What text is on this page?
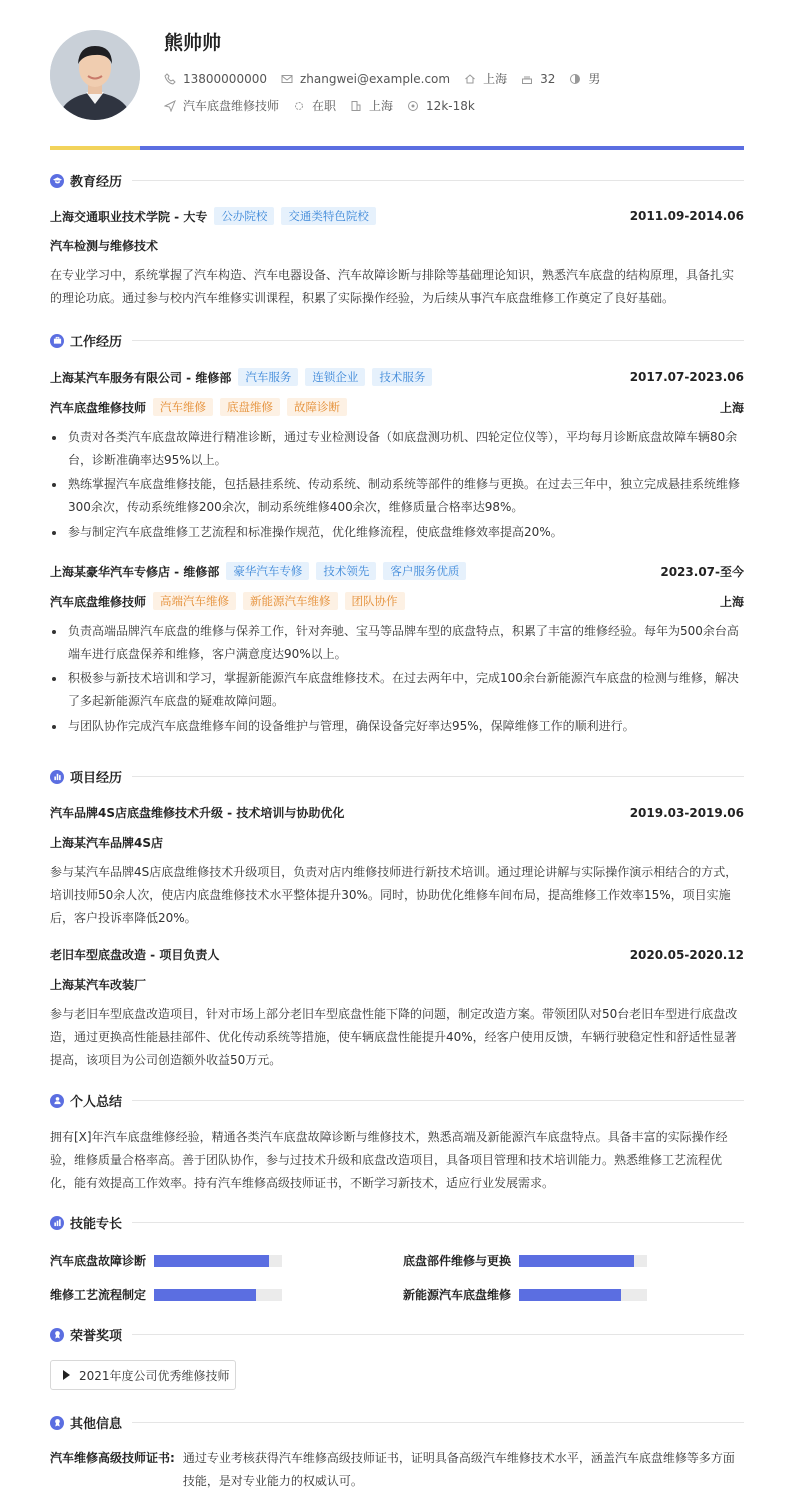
熊帅帅
13800000000	zhangwei@example.com	上海	32	男
汽车底盘维修技师	在职	上海	12k-18k
教育经历
上海交通职业技术学院 - 大专	公办院校	交通类特色院校	2011.09-2014.06
汽车检测与维修技术
在专业学习中，系统掌握了汽车构造、汽车电器设备、汽车故障诊断与排除等基础理论知识，熟悉汽车底盘的结构原理，具备扎实的理论功底。通过参与校内汽车维修实训课程，积累了实际操作经验，为后续从事汽车底盘维修工作奠定了良好基础。
工作经历
上海某汽车服务有限公司 - 维修部	汽车服务	连锁企业	技术服务	2017.07-2023.06
汽车底盘维修技师	汽车维修	底盘维修	故障诊断	上海
负责对各类汽车底盘故障进行精准诊断，通过专业检测设备（如底盘测功机、四轮定位仪等），平均每月诊断底盘故障车辆80余台，诊断准确率达95%以上。
熟练掌握汽车底盘维修技能，包括悬挂系统、传动系统、制动系统等部件的维修与更换。在过去三年中，独立完成悬挂系统维修300余次，传动系统维修200余次，制动系统维修400余次，维修质量合格率达98%。
参与制定汽车底盘维修工艺流程和标准操作规范，优化维修流程，使底盘维修效率提高20%。
上海某豪华汽车专修店 - 维修部	豪华汽车专修	技术领先	客户服务优质	2023.07-至今
汽车底盘维修技师	高端汽车维修	新能源汽车维修	团队协作	上海
负责高端品牌汽车底盘的维修与保养工作，针对奔驰、宝马等品牌车型的底盘特点，积累了丰富的维修经验。每年为500余台高端车进行底盘保养和维修，客户满意度达90%以上。
积极参与新技术培训和学习，掌握新能源汽车底盘维修技术。在过去两年中，完成100余台新能源汽车底盘的检测与维修，解决了多起新能源汽车底盘的疑难故障问题。
与团队协作完成汽车底盘维修车间的设备维护与管理，确保设备完好率达95%，保障维修工作的顺利进行。
项目经历
汽车品牌4S店底盘维修技术升级 - 技术培训与协助优化	2019.03-2019.06
上海某汽车品牌4S店
参与某汽车品牌4S店底盘维修技术升级项目，负责对店内维修技师进行新技术培训。通过理论讲解与实际操作演示相结合的方式，培训技师50余人次，使店内底盘维修技术水平整体提升30%。同时，协助优化维修车间布局，提高维修工作效率15%，项目实施后，客户投诉率降低20%。
老旧车型底盘改造 - 项目负责人	2020.05-2020.12
上海某汽车改装厂
参与老旧车型底盘改造项目，针对市场上部分老旧车型底盘性能下降的问题，制定改造方案。带领团队对50台老旧车型进行底盘改造，通过更换高性能悬挂部件、优化传动系统等措施，使车辆底盘性能提升40%，经客户使用反馈，车辆行驶稳定性和舒适性显著提高，该项目为公司创造额外收益50万元。
个人总结
拥有[X]年汽车底盘维修经验，精通各类汽车底盘故障诊断与维修技术，熟悉高端及新能源汽车底盘特点。具备丰富的实际操作经验，维修质量合格率高。善于团队协作，参与过技术升级和底盘改造项目，具备项目管理和技术培训能力。熟悉维修工艺流程优化，能有效提高工作效率。持有汽车维修高级技师证书，不断学习新技术，适应行业发展需求。
技能专长
汽车底盘故障诊断	底盘部件维修与更换
维修工艺流程制定	新能源汽车底盘维修
荣誉奖项
2021年度公司优秀维修技师
其他信息
汽车维修高级技师证书: 通过专业考核获得汽车维修高级技师证书，证明具备高级汽车维修技术水平，涵盖汽车底盘维修等多方面技能，是对专业能力的权威认可。
